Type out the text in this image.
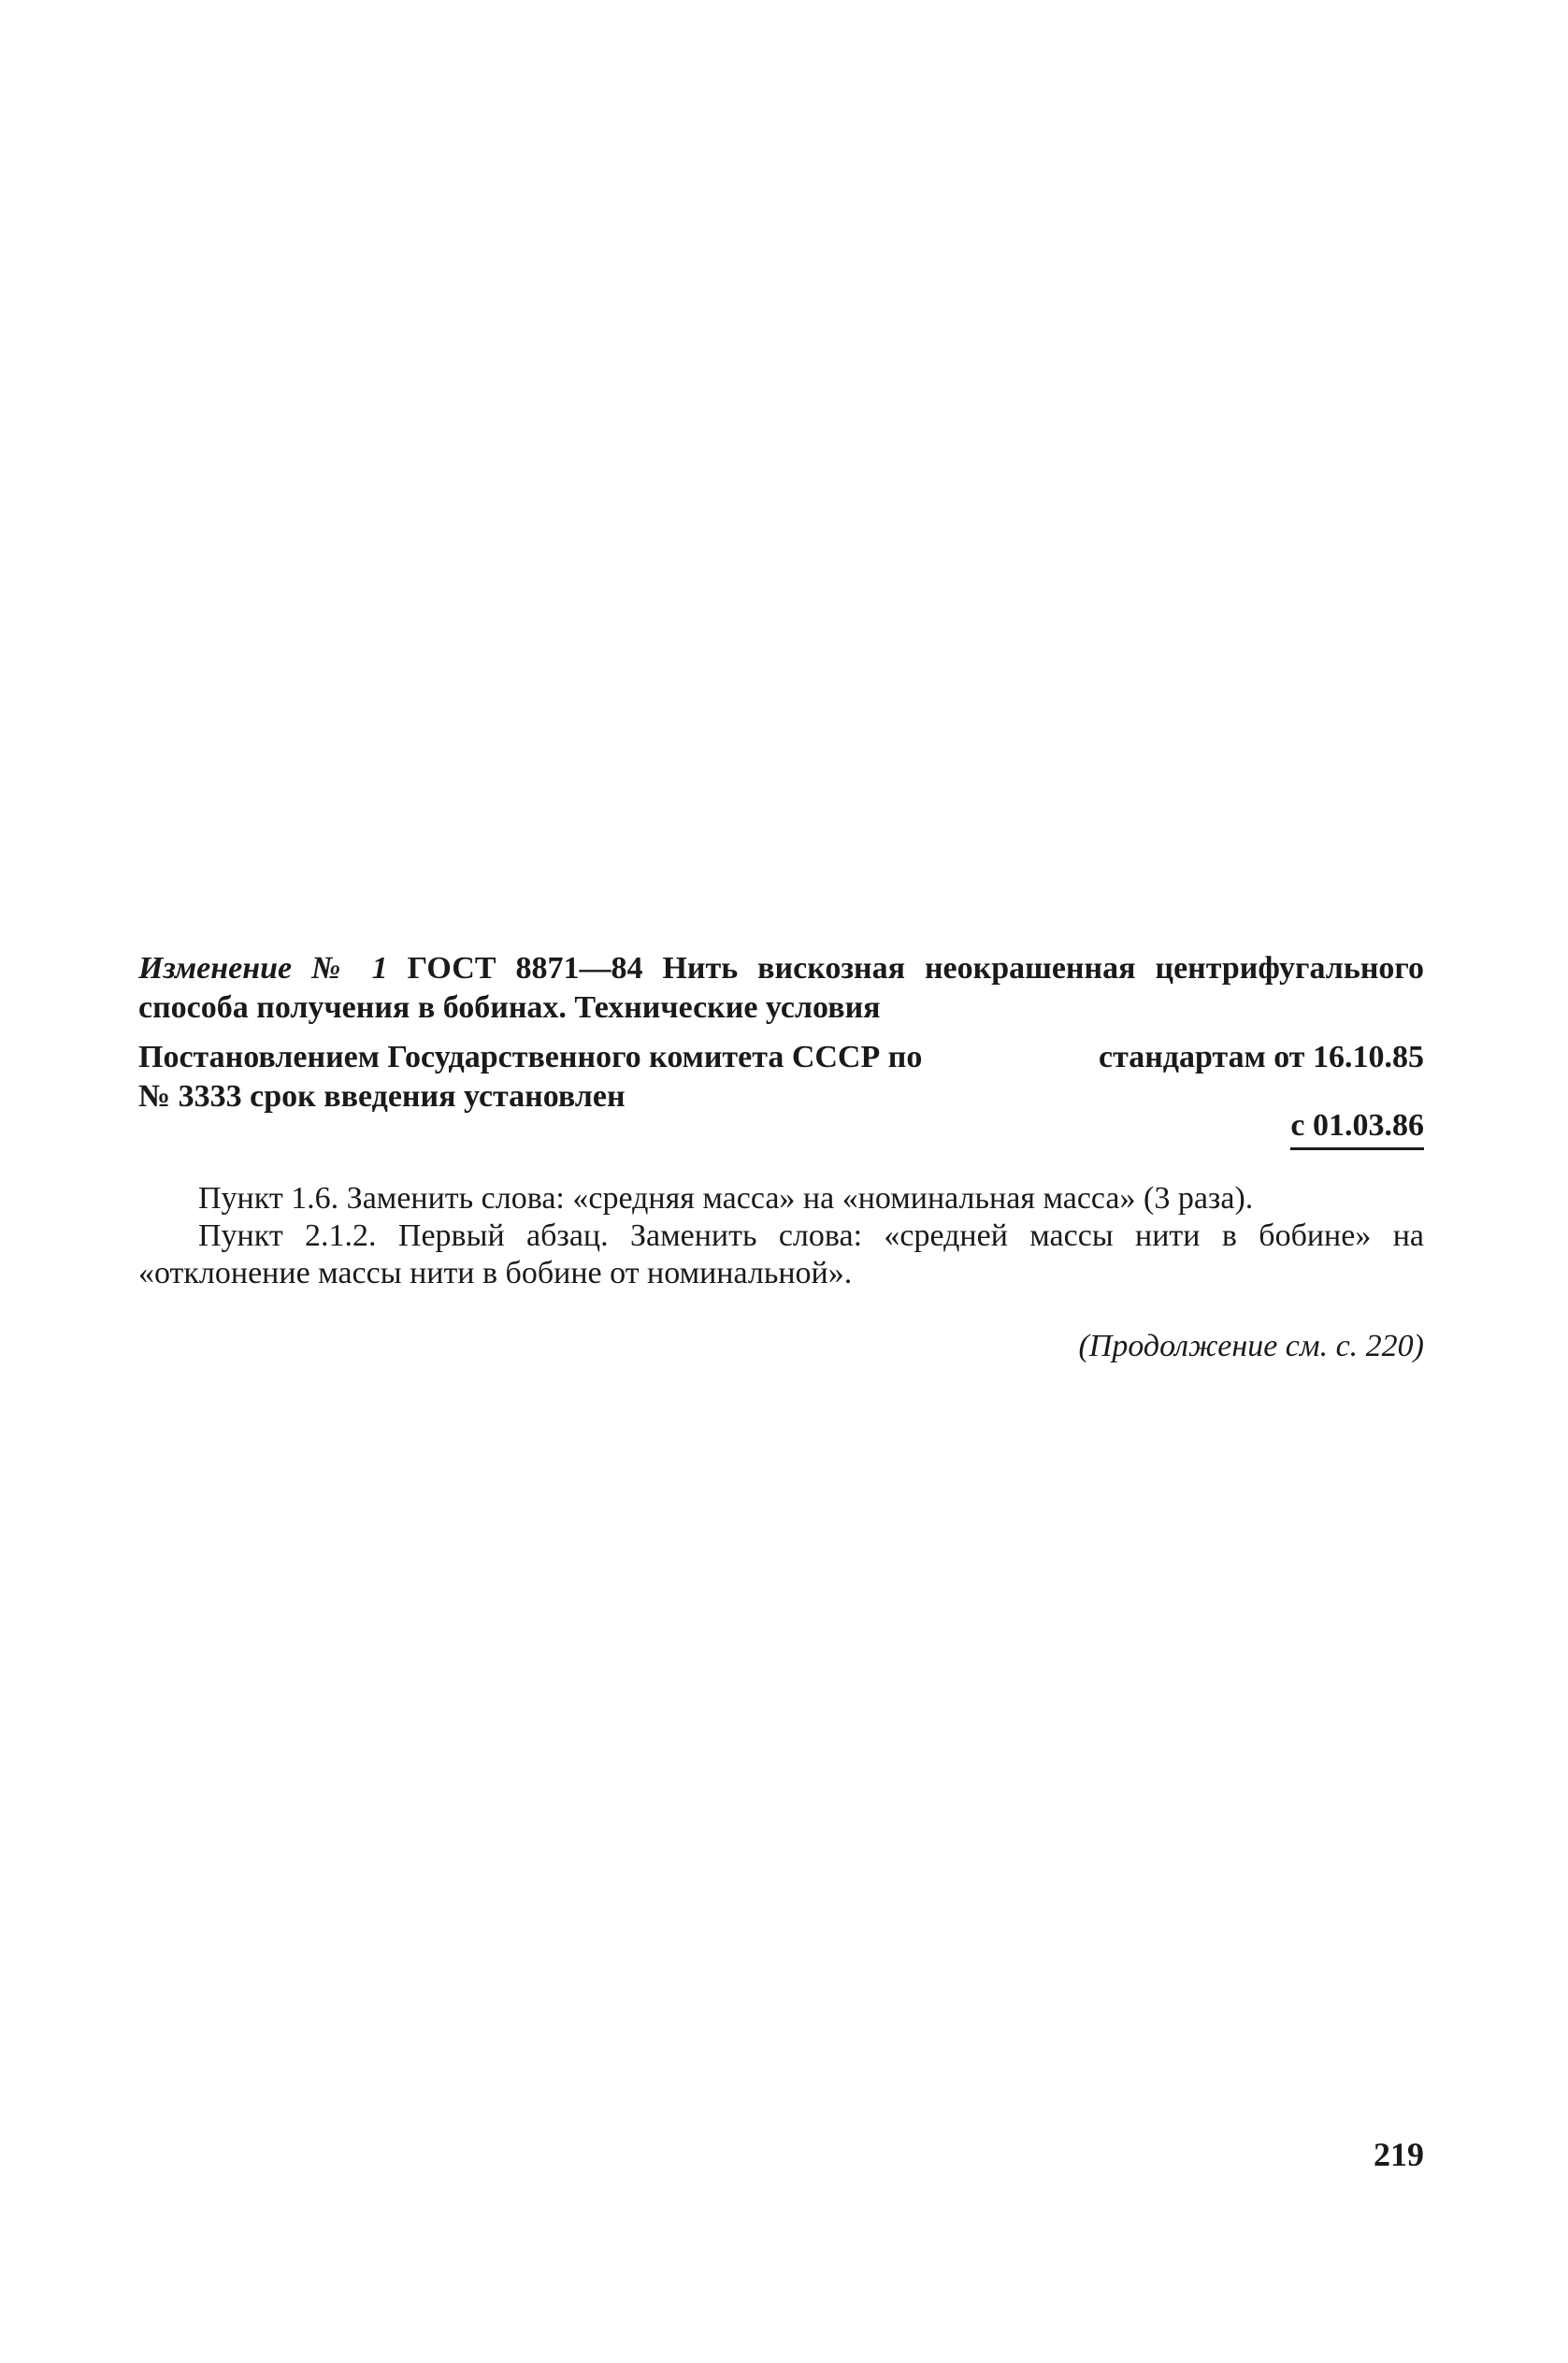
Изменение № 1 ГОСТ 8871—84 Нить вискозная неокрашенная центрифугального способа получения в бобинах. Технические условия
Постановлением Государственного комитета СССР по	стандартам от 16.10.85
№ 3333 срок введения установлен
с 01.03.86

Пункт 1.6. Заменить слова: «средняя масса» на «номинальная масса» (3 раза).

Пункт 2.1.2. Первый абзац. Заменить слова: «средней массы нити в бобине» на «отклонение массы нити в бобине от номинальной».

(Продолжение см. с. 220)
219
